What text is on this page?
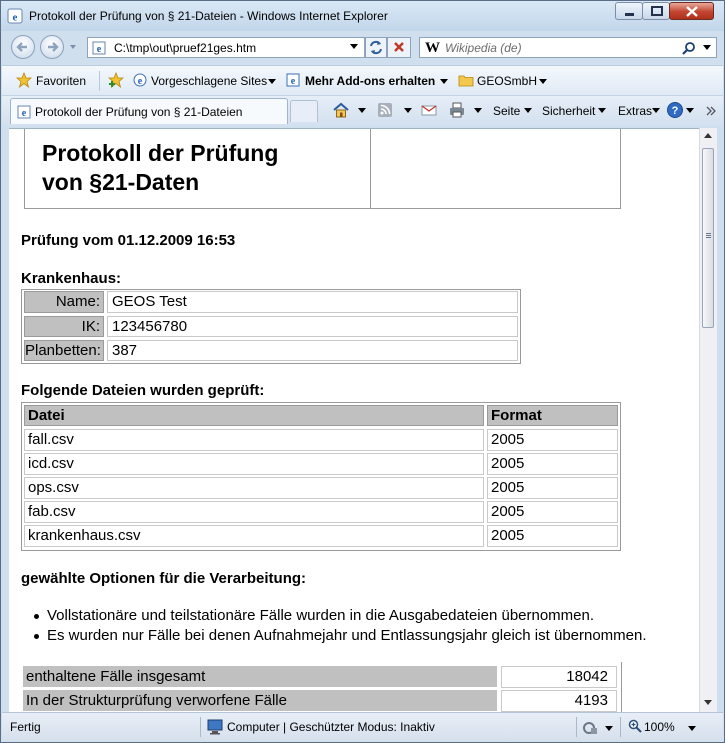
e Protokoll der Prüfung von § 21-Dateien - Windows Internet Explorer
e C:\tmp\out\pruef21ges.htm	W Wikipedia (de)
Favoriten	e Vorgeschlagene Sites e Mehr Add-ons erhalten	GEOSmbH
e Protokoll der Prüfung von § 21-Dateien	Seite Sicherheit Extras ?
Protokoll der Prüfung
von §21-Daten
Prüfung vom 01.12.2009 16:53
Krankenhaus:
Name: GEOS Test
IK: 123456780
Planbetten: 387
Folgende Dateien wurden geprüft:
Datei	Format
fall.csv	2005
icd.csv	2005
ops.csv	2005
fab.csv	2005
krankenhaus.csv	2005
gewählte Optionen für die Verarbeitung:
Vollstationäre und teilstationäre Fälle wurden in die Ausgabedateien übernommen.
Es wurden nur Fälle bei denen Aufnahmejahr und Entlassungsjahr gleich ist übernommen.
enthaltene Fälle insgesamt	18042
In der Strukturprüfung verworfene Fälle	4193
Fertig	Computer | Geschützter Modus: Inaktiv	100%
